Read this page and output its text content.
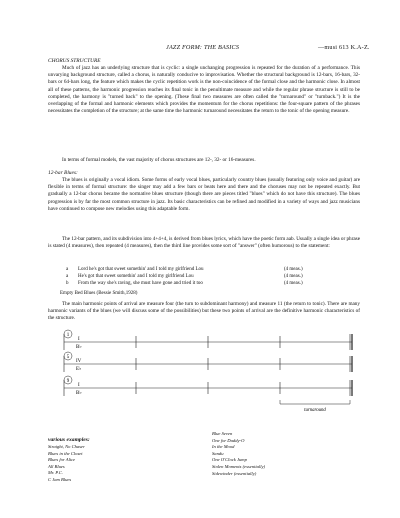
JAZZ FORM: THE BASICS	—musi 613 K.A-Z.
CHORUS STRUCTURE
Much of jazz has an underlying structure that is cyclic: a single unchanging progression is repeated for the duration of a performance. This unvarying background structure, called a chorus, is naturally conducive to improvisation. Whether the structural background is 12-bars, 16-bars, 32-bars or 64-bars long, the feature which makes the cyclic repetition work is the non-coincidence of the formal close and the harmonic close. In almost all of these patterns, the harmonic progression reaches its final tonic in the penultimate measure and while the regular phrase structure is still to be completed, the harmony is "turned back" to the opening. (These final two measures are often called the "turnaround" or "turnback.") It is the overlapping of the formal and harmonic elements which provides the momentum for the chorus repetitions: the four-square pattern of the phrases necessitates the completion of the structure; at the same time the harmonic turnaround necessitates the return to the tonic of the opening measure.
In terms of formal models, the vast majority of chorus structures are 12-, 32- or 16-measures.
12-bar Blues:
The blues is originally a vocal idiom. Some forms of early vocal blues, particularly country blues (usually featuring only voice and guitar) are flexible in terms of formal structure: the singer may add a few bars or beats here and there and the choruses may not be repeated exactly. But gradually a 12-bar chorus became the normative blues structure (though there are pieces titled "blues" which do not have this structure). The blues progression is by far the most common structure in jazz. Its basic characteristics can be refined and modified in a variety of ways and jazz musicians have continued to compose new melodies using this adaptable form.
The 12-bar pattern, and its subdivision into 4+4+4, is derived from blues lyrics, which have the poetic form aab. Usually a single idea or phrase is stated (4 measures), then repeated (4 measures), then the third line provides some sort of "answer" (often humorous) to the statement:
a Lord he's got that sweet somethin' and I told my girlfriend Lou	(4 meas.)
a He's got that sweet somethin' and I told my girlfriend Lou	(4 meas.)
b From the way she's raving, she must have gone and tried it too	(4 meas.)
Empty Bed Blues (Bessie Smith,1928)
The main harmonic points of arrival are measure four (the turn to subdominant harmony) and measure 11 (the return to tonic). There are many harmonic variants of the blues (we will discuss some of the possibilities) but these two points of arrival are the definitive harmonic characteristics of the structure.
1
I
B♭
5
IV
E♭
9
I
B♭
turnaround
various examples:
Straight, No Chaser
Blues in the Closet
Blues for Alice
All Blues
Mr. P.C.
C Jam Blues
Blue Seven
One for Daddy-O
In the Mood
Sandu
One O'Clock Jump
Stolen Moments (essentially)
Sidewinder (essentially)
